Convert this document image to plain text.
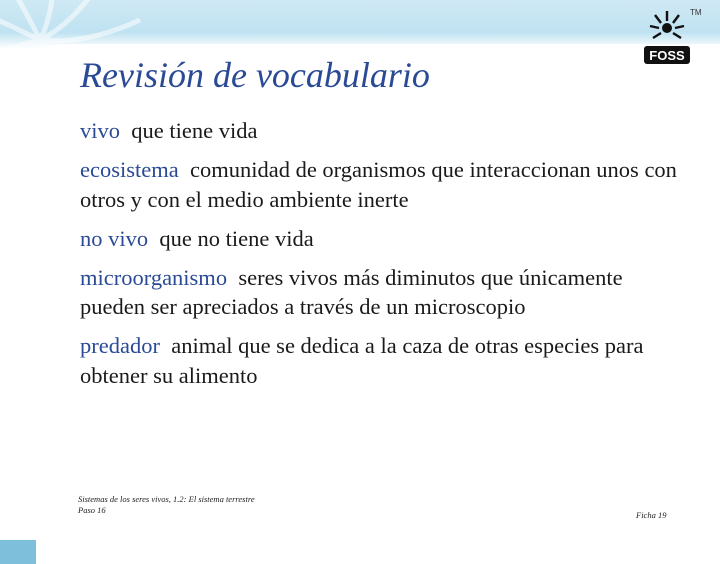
TM
FOSS
Revisión de vocabulario
vivo que tiene vida
ecosistema comunidad de organismos que interaccionan unos con otros y con el medio ambiente inerte
no vivo que no tiene vida
microorganismo seres vivos más diminutos que únicamente pueden ser apreciados a través de un microscopio
predador animal que se dedica a la caza de otras especies para obtener su alimento
Sistemas de los seres vivos, 1.2: El sistema terrestre
Paso 16	Ficha 19
